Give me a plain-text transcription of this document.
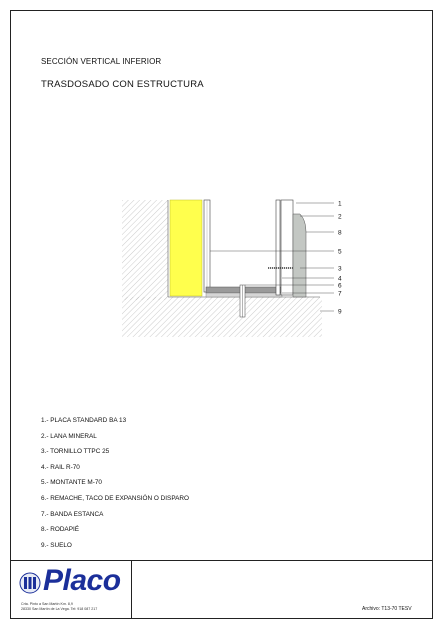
SECCIÓN VERTICAL INFERIOR
TRASDOSADO CON ESTRUCTURA
1
2
8
5
3
4
6
7
9
1.- PLACA STANDARD BA 13
2.- LANA MINERAL
3.- TORNILLO TTPC 25
4.- RAIL R-70
5.- MONTANTE M-70
6.- REMACHE, TACO DE EXPANSIÓN O DISPARO
7.- BANDA ESTANCA
8.- RODAPIÉ
9.- SUELO
Placo
Crta. Pinto a San Martín Km. 8,9
28330 San Martín de La Vega. Tel: 918 087 217	Archivo: T13-70 TESV
